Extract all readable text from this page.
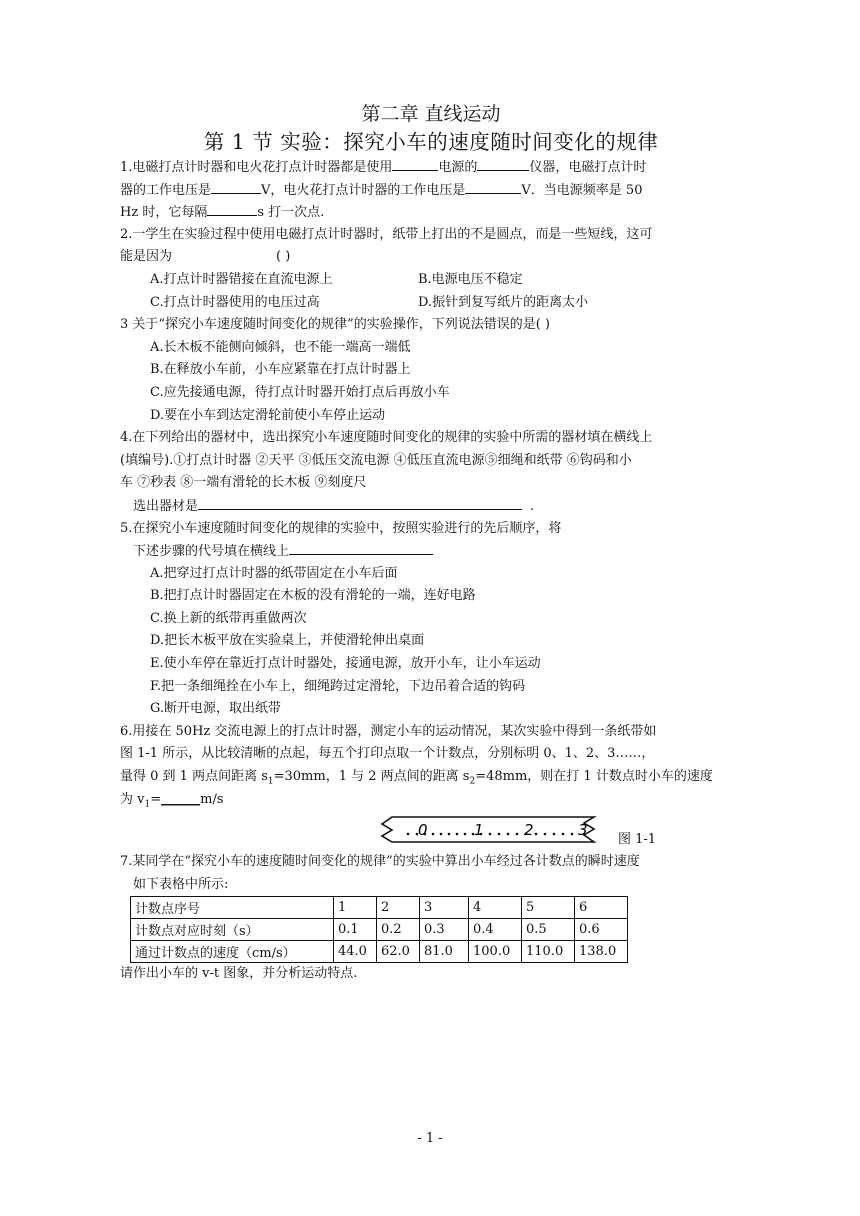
第二章 直线运动
第 1 节 实验：探究小车的速度随时间变化的规律
1.电磁打点计时器和电火花打点计时器都是使用	电源的	仪器，电磁打点计时
器的工作电压是	V，电火花打点计时器的工作电压是	V．当电源频率是 50
Hz 时，它每隔	s 打一次点.
2.一学生在实验过程中使用电磁打点计时器时，纸带上打出的不是圆点，而是一些短线，这可
能是因为	( )
A.打点计时器错接在直流电源上	B.电源电压不稳定
C.打点计时器使用的电压过高	D.振针到复写纸片的距离太小
3 关于“探究小车速度随时间变化的规律”的实验操作，下列说法错误的是( )
A.长木板不能侧向倾斜，也不能一端高一端低
B.在释放小车前，小车应紧靠在打点计时器上
C.应先接通电源，待打点计时器开始打点后再放小车
D.要在小车到达定滑轮前使小车停止运动
4.在下列给出的器材中，选出探究小车速度随时间变化的规律的实验中所需的器材填在横线上
(填编号).①打点计时器 ②天平 ③低压交流电源 ④低压直流电源⑤细绳和纸带 ⑥钩码和小
车 ⑦秒表 ⑧一端有滑轮的长木板 ⑨刻度尺
选出器材是	.
5.在探究小车速度随时间变化的规律的实验中，按照实验进行的先后顺序，将
下述步骤的代号填在横线上
A.把穿过打点计时器的纸带固定在小车后面
B.把打点计时器固定在木板的没有滑轮的一端，连好电路
C.换上新的纸带再重做两次
D.把长木板平放在实验桌上，并使滑轮伸出桌面
E.使小车停在靠近打点计时器处，接通电源，放开小车，让小车运动
F.把一条细绳拴在小车上，细绳跨过定滑轮，下边吊着合适的钩码
G.断开电源，取出纸带
6.用接在 50Hz 交流电源上的打点计时器，测定小车的运动情况，某次实验中得到一条纸带如
图 1-1 所示，从比较清晰的点起，每五个打印点取一个计数点，分别标明 0、1、2、3……，
量得 0 到 1 两点间距离 $s_1=30mm$，1 与 2 两点间的距离 $s_2=48mm$，则在打 1 计数点时小车的速度
为 $v_1=\_\_\_\_\_\_m/s$
0	1	2	3
图 1-1
7.某同学在“探究小车的速度随时间变化的规律”的实验中算出小车经过各计数点的瞬时速度
如下表格中所示:
计数点序号	1	2	3	4	5	6
计数点对应时刻（s）	0.1	0.2	0.3	0.4	0.5	0.6
通过计数点的速度（cm/s）	44.0	62.0	81.0	100.0	110.0	138.0
请作出小车的 v-t 图象，并分析运动特点.
- 1 -
